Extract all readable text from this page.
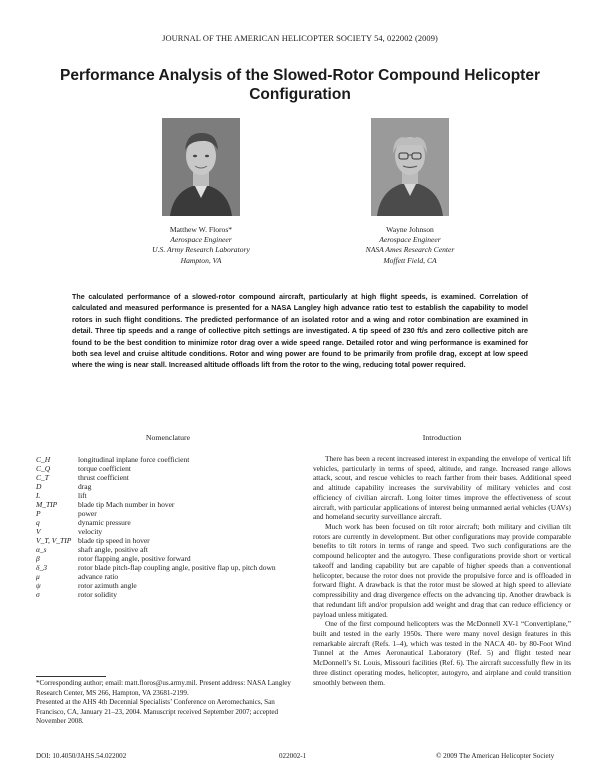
JOURNAL OF THE AMERICAN HELICOPTER SOCIETY 54, 022002 (2009)
Performance Analysis of the Slowed-Rotor Compound Helicopter Configuration
Matthew W. Floros*
Aerospace Engineer
U.S. Army Research Laboratory
Hampton, VA
Wayne Johnson
Aerospace Engineer
NASA Ames Research Center
Moffett Field, CA

The calculated performance of a slowed-rotor compound aircraft, particularly at high flight speeds, is examined. Correlation of calculated and measured performance is presented for a NASA Langley high advance ratio test to establish the capability to model rotors in such flight conditions. The predicted performance of an isolated rotor and a wing and rotor combination are examined in detail. Three tip speeds and a range of collective pitch settings are investigated. A tip speed of 230 ft/s and zero collective pitch are found to be the best condition to minimize rotor drag over a wide speed range. Detailed rotor and wing performance is examined for both sea level and cruise altitude conditions. Rotor and wing power are found to be primarily from profile drag, except at low speed where the wing is near stall. Increased altitude offloads lift from the rotor to the wing, reducing total power required.

Nomenclature	Introduction
C_H	longitudinal inplane force coefficient
C_Q	torque coefficient
C_T	thrust coefficient
D	drag
L	lift
M_TIP	blade tip Mach number in hover
P	power
q	dynamic pressure
V	velocity
V_T, V_TIP blade tip speed in hover
α_s	shaft angle, positive aft
β	rotor flapping angle, positive forward
δ_3	rotor blade pitch-flap coupling angle, positive flap up, pitch down
μ	advance ratio
ψ	rotor azimuth angle
σ	rotor solidity

There has been a recent increased interest in expanding the envelope of vertical lift vehicles, particularly in terms of speed, altitude, and range. Increased range allows attack, scout, and rescue vehicles to reach farther from their bases. Additional speed and altitude capability increases the survivability of military vehicles and cost efficiency of civilian aircraft. Long loiter times improve the effectiveness of scout aircraft, with particular applications of interest being unmanned aerial vehicles (UAVs) and homeland security surveillance aircraft.

Much work has been focused on tilt rotor aircraft; both military and civilian tilt rotors are currently in development. But other configurations may provide comparable benefits to tilt rotors in terms of range and speed. Two such configurations are the compound helicopter and the autogyro. These configurations provide short or vertical takeoff and landing capability but are capable of higher speeds than a conventional helicopter, because the rotor does not provide the propulsive force and is offloaded in forward flight. A drawback is that the rotor must be slowed at high speed to alleviate compressibility and drag divergence effects on the advancing tip. Another drawback is that redundant lift and/or propulsion add weight and drag that can reduce efficiency or payload unless mitigated.

One of the first compound helicopters was the McDonnell XV-1 “Convertiplane,” built and tested in the early 1950s. There were many novel design features in this remarkable aircraft (Refs. 1–4), which was tested in the NACA 40- by 80-Foot Wind Tunnel at the Ames Aeronautical Laboratory (Ref. 5) and flight tested near McDonnell’s St. Louis, Missouri facilities (Ref. 6). The aircraft successfully flew in its three distinct operating modes, helicopter, autogyro, and airplane and could transition smoothly between them.

*Corresponding author; email: matt.floros@us.army.mil. Present address: NASA Langley Research Center, MS 266, Hampton, VA 23681-2199.

Presented at the AHS 4th Decennial Specialists’ Conference on Aeromechanics, San Francisco, CA, January 21–23, 2004. Manuscript received September 2007; accepted November 2008.

DOI: 10.4050/JAHS.54.022002	022002-1	© 2009 The American Helicopter Society
